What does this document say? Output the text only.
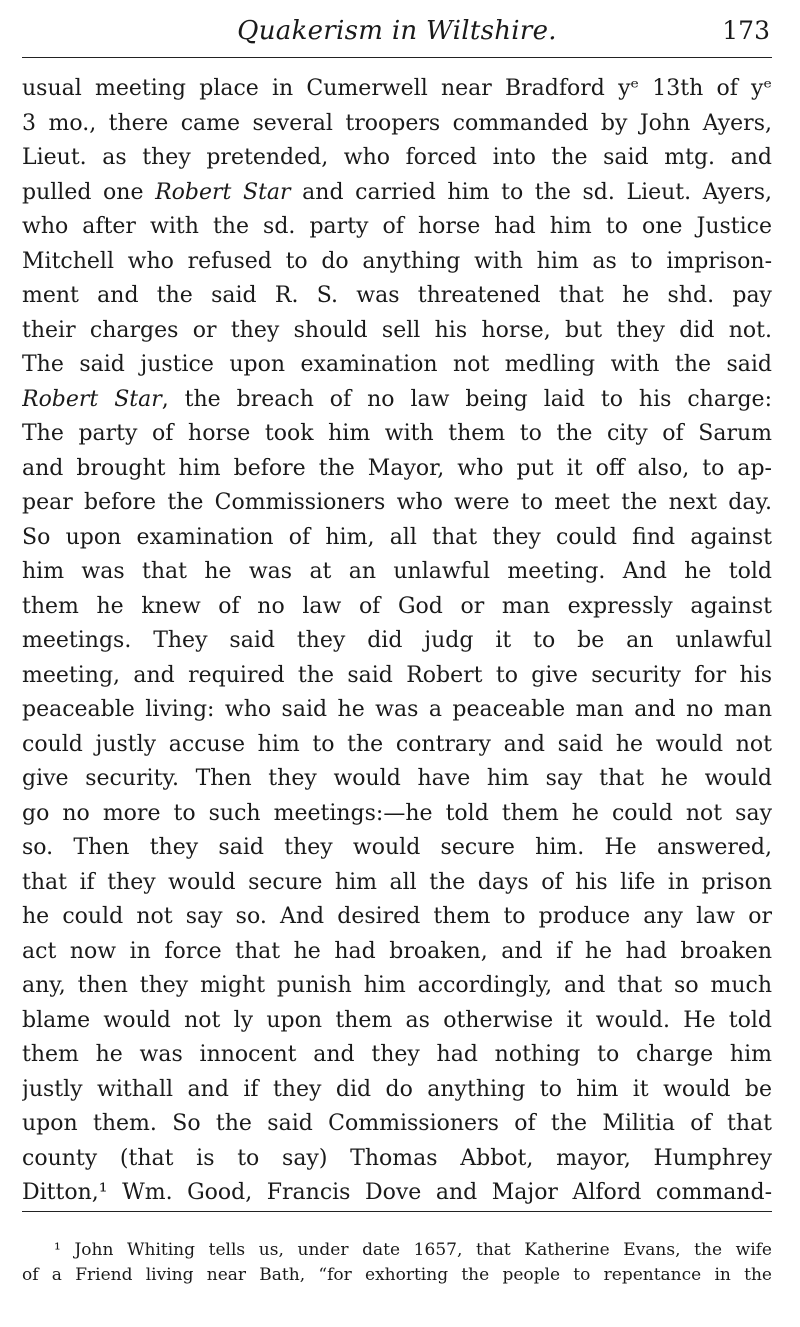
Quakerism in Wiltshire.	173
usual meeting place in Cumerwell near Bradford yᵉ 13th of yᵉ
3 mo., there came several troopers commanded by John Ayers,
Lieut. as they pretended, who forced into the said mtg. and
pulled one Robert Star and carried him to the sd. Lieut. Ayers,
who after with the sd. party of horse had him to one Justice
Mitchell who refused to do anything with him as to imprison-
ment and the said R. S. was threatened that he shd. pay
their charges or they should sell his horse, but they did not.
The said justice upon examination not medling with the said
Robert Star, the breach of no law being laid to his charge:
The party of horse took him with them to the city of Sarum
and brought him before the Mayor, who put it off also, to ap-
pear before the Commissioners who were to meet the next day.
So upon examination of him, all that they could find against
him was that he was at an unlawful meeting. And he told
them he knew of no law of God or man expressly against
meetings. They said they did judg it to be an unlawful
meeting, and required the said Robert to give security for his
peaceable living: who said he was a peaceable man and no man
could justly accuse him to the contrary and said he would not
give security. Then they would have him say that he would
go no more to such meetings:—he told them he could not say
so. Then they said they would secure him. He answered,
that if they would secure him all the days of his life in prison
he could not say so. And desired them to produce any law or
act now in force that he had broaken, and if he had broaken
any, then they might punish him accordingly, and that so much
blame would not ly upon them as otherwise it would. He told
them he was innocent and they had nothing to charge him
justly withall and if they did do anything to him it would be
upon them. So the said Commissioners of the Militia of that
county (that is to say) Thomas Abbot, mayor, Humphrey
Ditton,¹ Wm. Good, Francis Dove and Major Alford command-
¹ John Whiting tells us, under date 1657, that Katherine Evans, the wife
of a Friend living near Bath, “for exhorting the people to repentance in the
